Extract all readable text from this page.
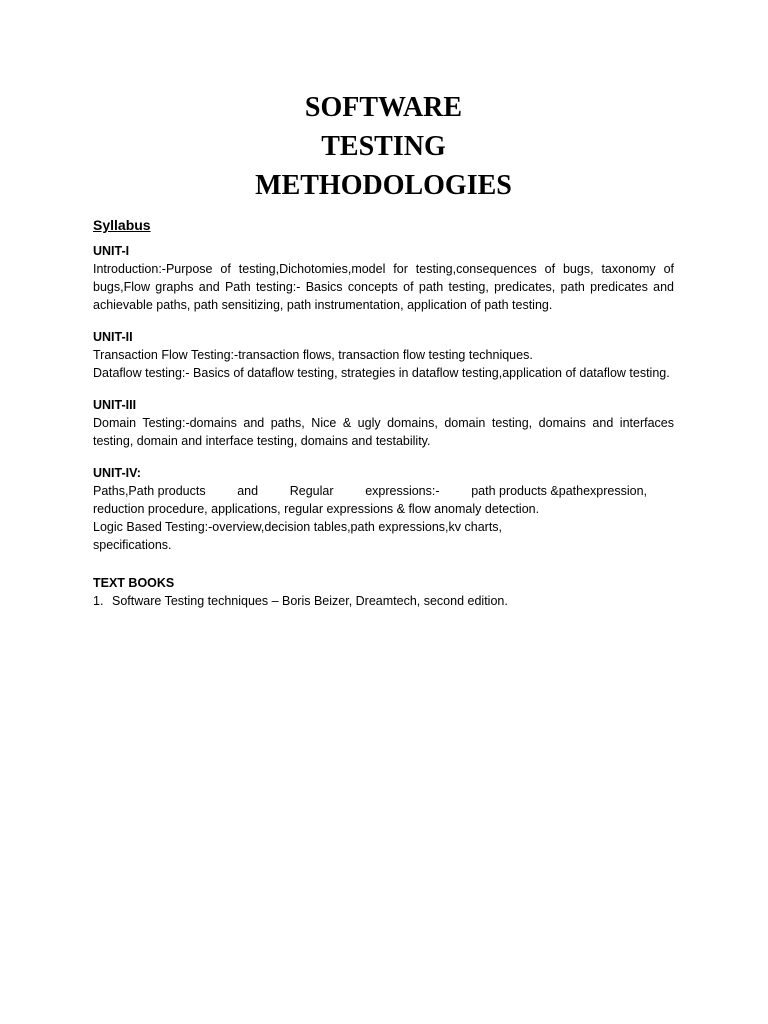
SOFTWARE
TESTING
METHODOLOGIES
Syllabus
UNIT-I
Introduction:-Purpose of testing,Dichotomies,model for testing,consequences of bugs, taxonomy of bugs,Flow graphs and Path testing:- Basics concepts of path testing, predicates, path predicates and achievable paths, path sensitizing, path instrumentation, application of path testing.
UNIT-II
Transaction Flow Testing:-transaction flows, transaction flow testing techniques.
Dataflow testing:- Basics of dataflow testing, strategies in dataflow testing,application of dataflow testing.
UNIT-III
Domain Testing:-domains and paths, Nice & ugly domains, domain testing, domains and interfaces testing, domain and interface testing, domains and testability.
UNIT-IV:
Paths,Path products	and	Regular	expressions:-	path products &pathexpression,
reduction procedure, applications, regular expressions & flow anomaly detection.
Logic Based Testing:-overview,decision tables,path expressions,kv charts,
specifications.
TEXT BOOKS
1. Software Testing techniques – Boris Beizer, Dreamtech, second edition.
